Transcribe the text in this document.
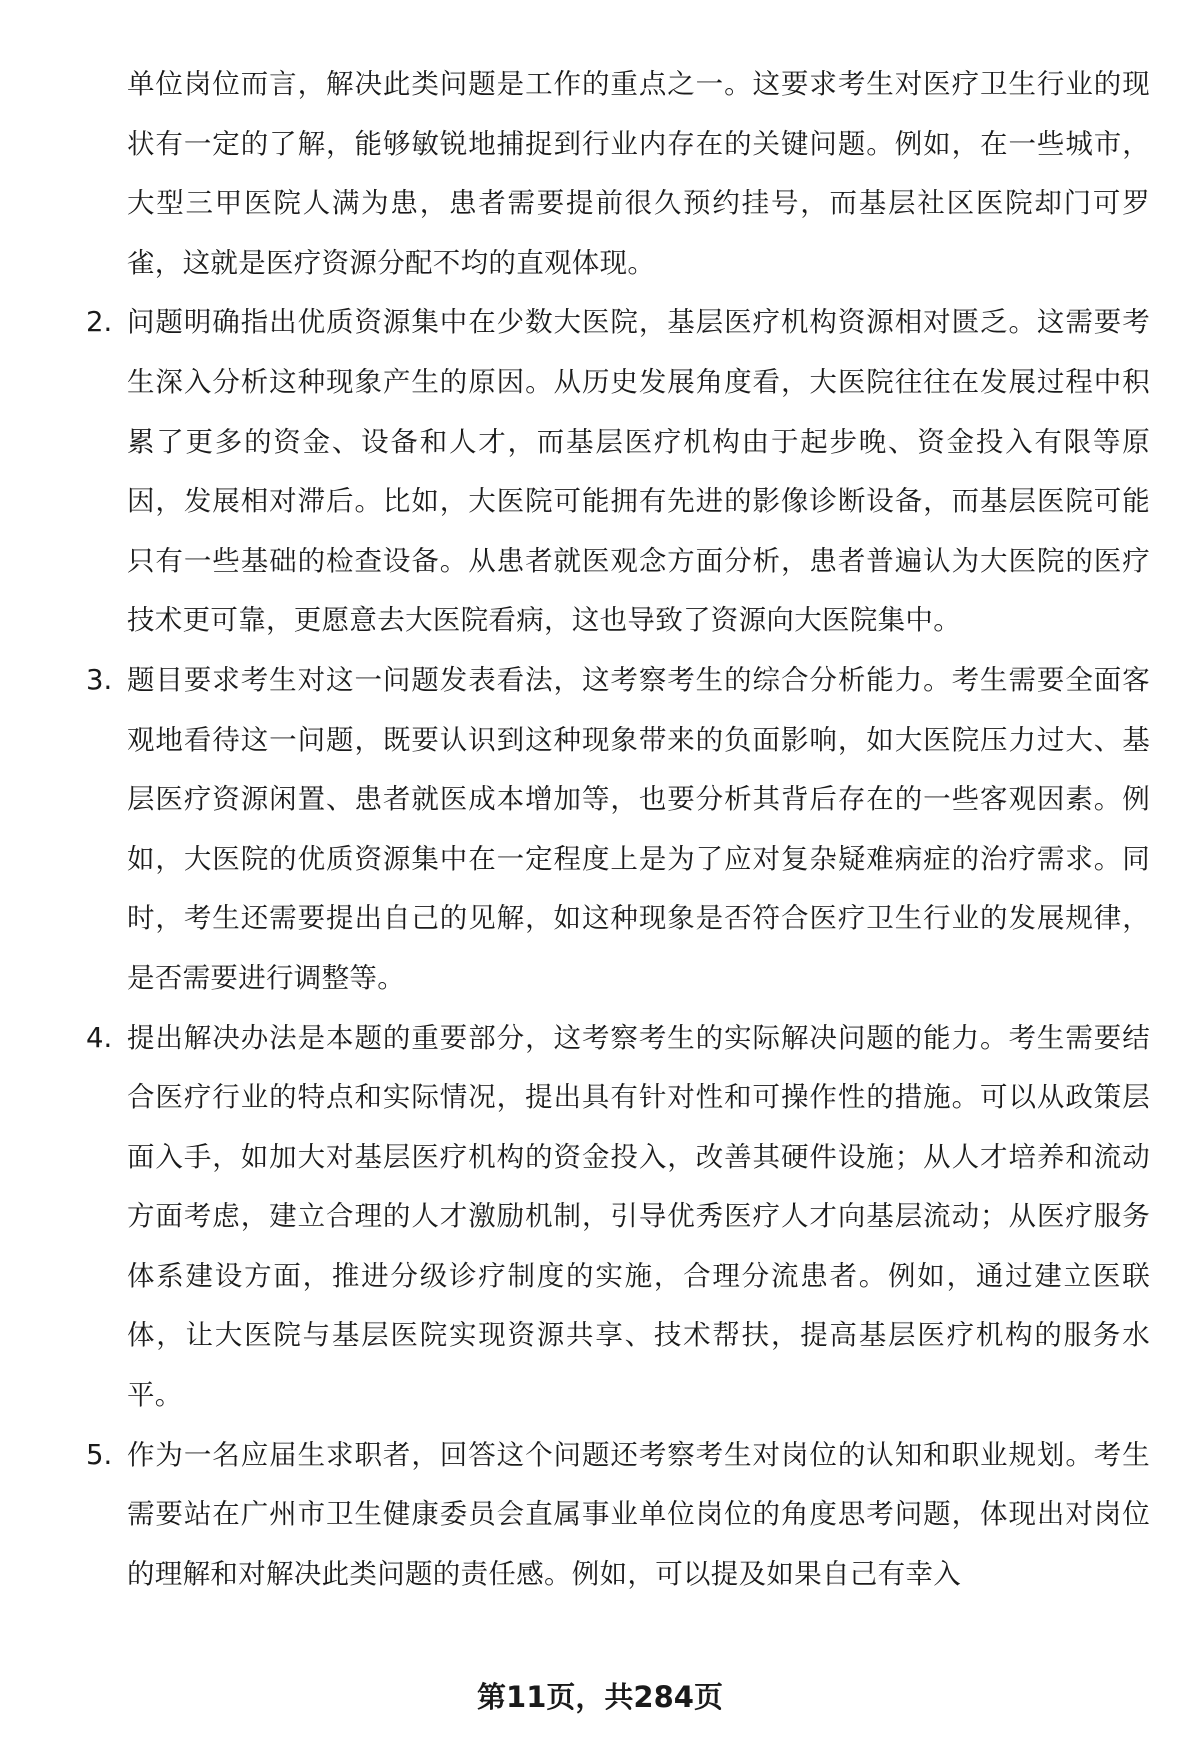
单位岗位而言，解决此类问题是工作的重点之一。这要求考生对医疗卫生行业的现状有一定的了解，能够敏锐地捕捉到行业内存在的关键问题。例如，在一些城市，大型三甲医院人满为患，患者需要提前很久预约挂号，而基层社区医院却门可罗雀，这就是医疗资源分配不均的直观体现。

2. 问题明确指出优质资源集中在少数大医院，基层医疗机构资源相对匮乏。这需要考生深入分析这种现象产生的原因。从历史发展角度看，大医院往往在发展过程中积累了更多的资金、设备和人才，而基层医疗机构由于起步晚、资金投入有限等原因，发展相对滞后。比如，大医院可能拥有先进的影像诊断设备，而基层医院可能只有一些基础的检查设备。从患者就医观念方面分析，患者普遍认为大医院的医疗技术更可靠，更愿意去大医院看病，这也导致了资源向大医院集中。

3. 题目要求考生对这一问题发表看法，这考察考生的综合分析能力。考生需要全面客观地看待这一问题，既要认识到这种现象带来的负面影响，如大医院压力过大、基层医疗资源闲置、患者就医成本增加等，也要分析其背后存在的一些客观因素。例如，大医院的优质资源集中在一定程度上是为了应对复杂疑难病症的治疗需求。同时，考生还需要提出自己的见解，如这种现象是否符合医疗卫生行业的发展规律，是否需要进行调整等。

4. 提出解决办法是本题的重要部分，这考察考生的实际解决问题的能力。考生需要结合医疗行业的特点和实际情况，提出具有针对性和可操作性的措施。可以从政策层面入手，如加大对基层医疗机构的资金投入，改善其硬件设施；从人才培养和流动方面考虑，建立合理的人才激励机制，引导优秀医疗人才向基层流动；从医疗服务体系建设方面，推进分级诊疗制度的实施，合理分流患者。例如，通过建立医联体，让大医院与基层医院实现资源共享、技术帮扶，提高基层医疗机构的服务水平。

5. 作为一名应届生求职者，回答这个问题还考察考生对岗位的认知和职业规划。考生需要站在广州市卫生健康委员会直属事业单位岗位的角度思考问题，体现出对岗位的理解和对解决此类问题的责任感。例如，可以提及如果自己有幸入

第11页，共284页
